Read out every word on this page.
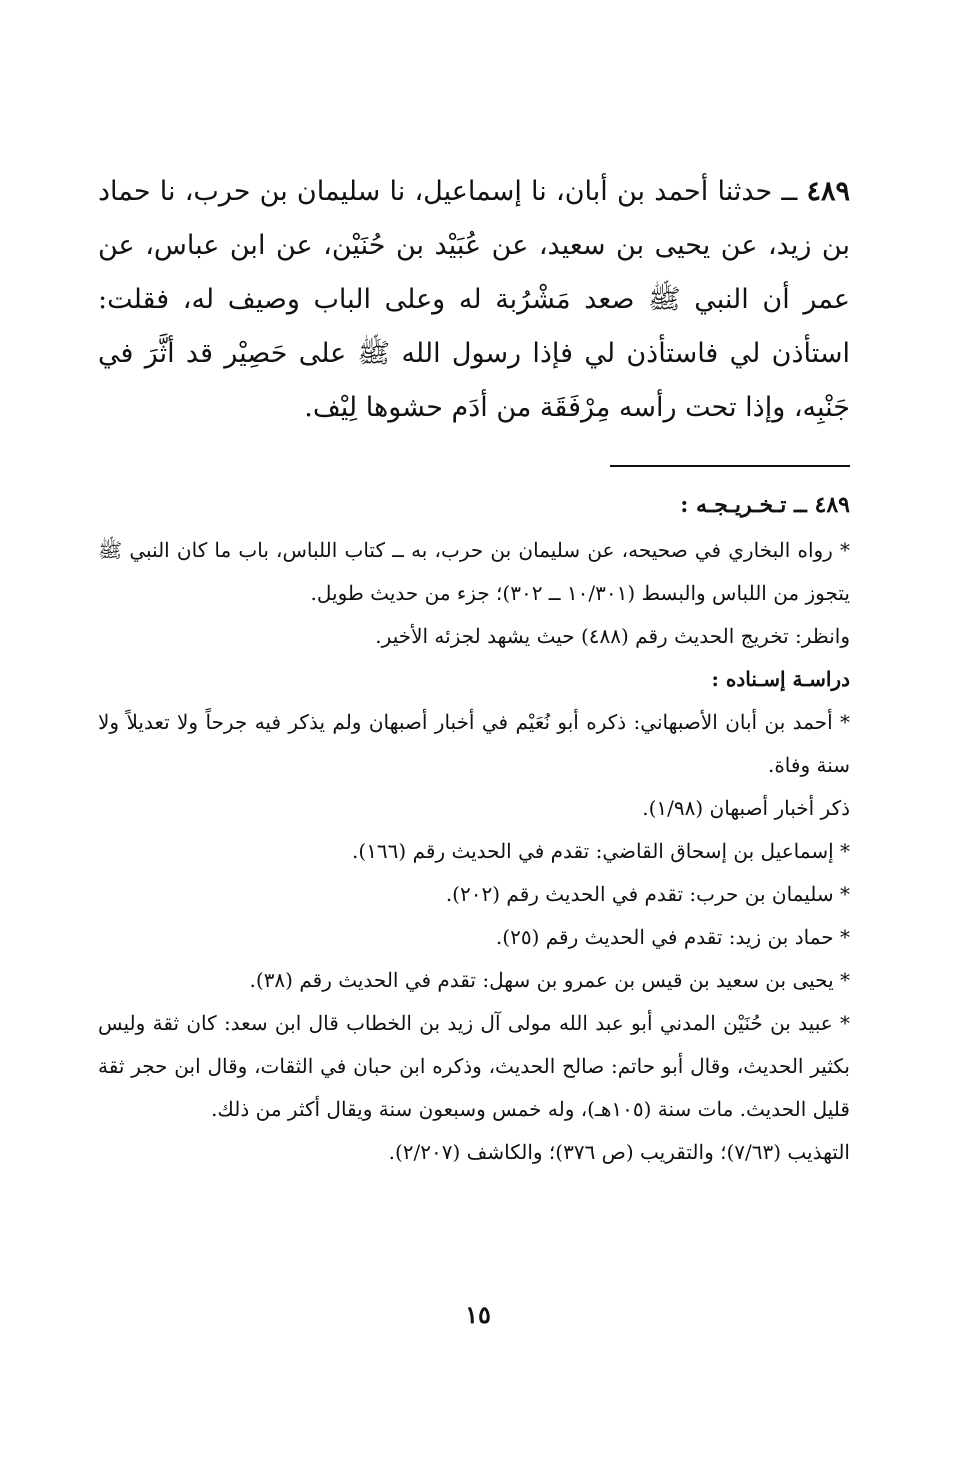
٤٨٩ ــ حدثنا أحمد بن أبان، نا إسماعيل، نا سليمان بن حرب، نا حماد بن زيد، عن يحيى بن سعيد، عن عُبَيْد بن حُنَيْن، عن ابن عباس، عن عمر أن النبي ﷺ صعد مَشْرُبة له وعلى الباب وصيف له، فقلت: استأذن لي فاستأذن لي فإذا رسول الله ﷺ على حَصِيْر قد أثَّرَ في جَنْبِه، وإذا تحت رأسه مِرْفَقَة من أدَم حشوها لِيْف.

٤٨٩ ــ تـخـريـجـه :

* رواه البخاري في صحيحه، عن سليمان بن حرب، به ــ كتاب اللباس، باب ما كان النبي ﷺ يتجوز من اللباس والبسط (١٠/٣٠١ ــ ٣٠٢)؛ جزء من حديث طويل.

وانظر: تخريج الحديث رقم (٤٨٨) حيث يشهد لجزئه الأخير.

دراسـة إسـناده :

* أحمد بن أبان الأصبهاني: ذكره أبو نُعَيْم في أخبار أصبهان ولم يذكر فيه جرحاً ولا تعديلاً ولا سنة وفاة.

ذكر أخبار أصبهان (١/٩٨).

* إسماعيل بن إسحاق القاضي: تقدم في الحديث رقم (١٦٦).

* سليمان بن حرب: تقدم في الحديث رقم (٢٠٢).

* حماد بن زيد: تقدم في الحديث رقم (٢٥).

* يحيى بن سعيد بن قيس بن عمرو بن سهل: تقدم في الحديث رقم (٣٨).

* عبيد بن حُنَيْن المدني أبو عبد الله مولى آل زيد بن الخطاب قال ابن سعد: كان ثقة وليس بكثير الحديث، وقال أبو حاتم: صالح الحديث، وذكره ابن حبان في الثقات، وقال ابن حجر ثقة قليل الحديث. مات سنة (١٠٥هـ)، وله خمس وسبعون سنة ويقال أكثر من ذلك.

التهذيب (٧/٦٣)؛ والتقريب (ص ٣٧٦)؛ والكاشف (٢/٢٠٧).

١٥
